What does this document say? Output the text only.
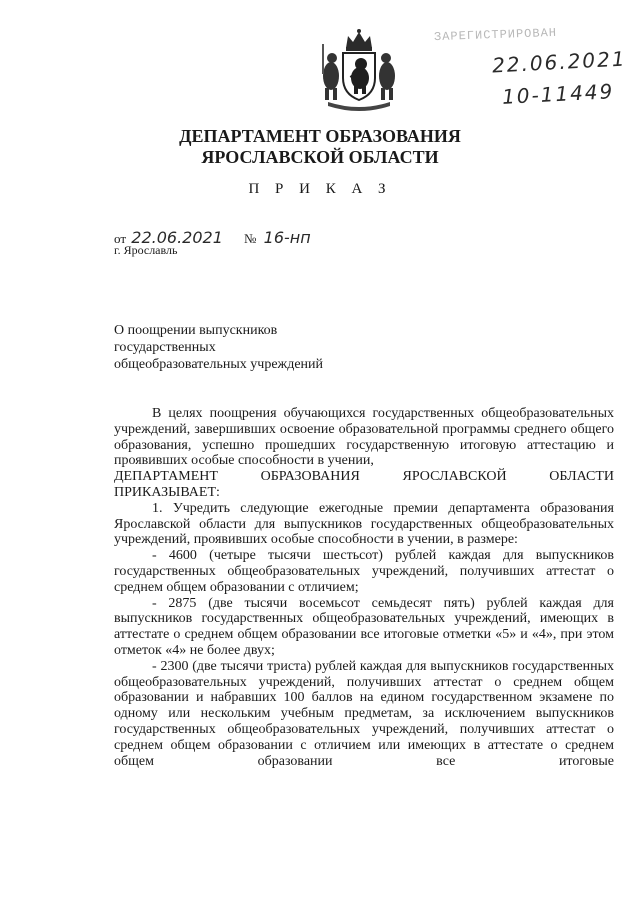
ЗАРЕГИСТРИРОВАН
22.06.2021
10-11449
ДЕПАРТАМЕНТ ОБРАЗОВАНИЯ
ЯРОСЛАВСКОЙ ОБЛАСТИ
П Р И К А З
от 22.06.2021 № 16-нп
г. Ярославль
О поощрении выпускников
государственных
общеобразовательных учреждений

В целях поощрения обучающихся государственных общеобразовательных учреждений, завершивших освоение образовательной программы среднего общего образования, успешно прошедших государственную итоговую аттестацию и проявивших особые способности в учении,

ДЕПАРТАМЕНТ ОБРАЗОВАНИЯ ЯРОСЛАВСКОЙ ОБЛАСТИ

ПРИКАЗЫВАЕТ:

1. Учредить следующие ежегодные премии департамента образования Ярославской области для выпускников государственных общеобразовательных учреждений, проявивших особые способности в учении, в размере:

- 4600 (четыре тысячи шестьсот) рублей каждая для выпускников государственных общеобразовательных учреждений, получивших аттестат о среднем общем образовании с отличием;

- 2875 (две тысячи восемьсот семьдесят пять) рублей каждая для выпускников государственных общеобразовательных учреждений, имеющих в аттестате о среднем общем образовании все итоговые отметки «5» и «4», при этом отметок «4» не более двух;

- 2300 (две тысячи триста) рублей каждая для выпускников государственных общеобразовательных учреждений, получивших аттестат о среднем общем образовании и набравших 100 баллов на едином государственном экзамене по одному или нескольким учебным предметам, за исключением выпускников государственных общеобразовательных учреждений, получивших аттестат о среднем общем образовании с отличием или имеющих в аттестате о среднем общем образовании все итоговые
